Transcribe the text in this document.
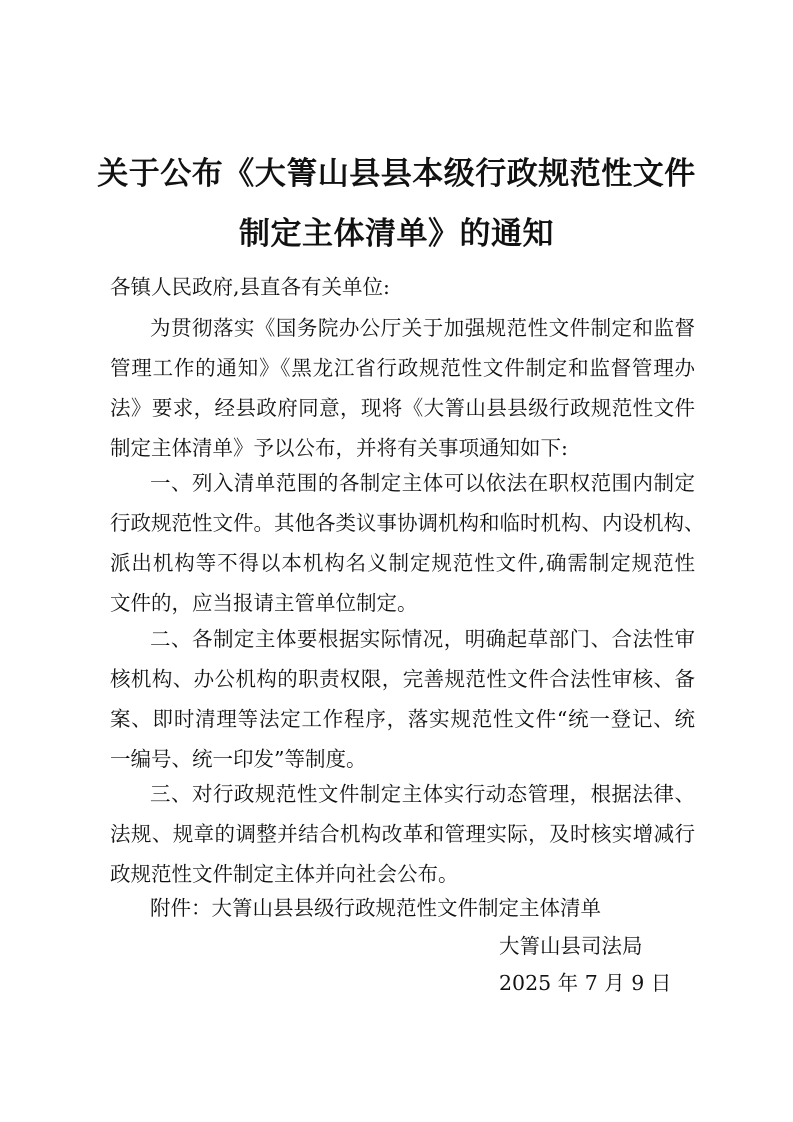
关于公布《大箐山县县本级行政规范性文件
制定主体清单》的通知
各镇人民政府,县直各有关单位:
为贯彻落实《国务院办公厅关于加强规范性文件制定和监督
管理工作的通知》《黑龙江省行政规范性文件制定和监督管理办
法》要求，经县政府同意，现将《大箐山县县级行政规范性文件
制定主体清单》予以公布，并将有关事项通知如下:
一、列入清单范围的各制定主体可以依法在职权范围内制定
行政规范性文件。其他各类议事协调机构和临时机构、内设机构、
派出机构等不得以本机构名义制定规范性文件,确需制定规范性
文件的，应当报请主管单位制定。
二、各制定主体要根据实际情况，明确起草部门、合法性审
核机构、办公机构的职责权限，完善规范性文件合法性审核、备
案、即时清理等法定工作程序，落实规范性文件“统一登记、统
一编号、统一印发”等制度。
三、对行政规范性文件制定主体实行动态管理，根据法律、
法规、规章的调整并结合机构改革和管理实际，及时核实增减行
政规范性文件制定主体并向社会公布。
附件：大箐山县县级行政规范性文件制定主体清单
大箐山县司法局
2025 年 7 月 9 日
